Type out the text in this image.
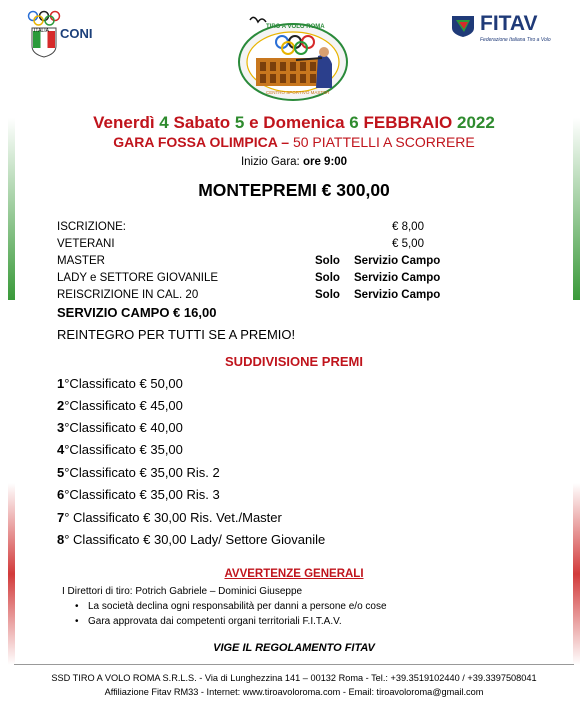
ITALIA CONI	TIRO A VOLO ROMA
CENTRO SPORTIVO MASTER
FITAV
Federazione Italiana Tiro a Volo
Venerdì 4 Sabato 5 e Domenica 6 FEBBRAIO 2022
GARA FOSSA OLIMPICA – 50 PIATTELLI A SCORRERE
Inizio Gara: ore 9:00
MONTEPREMI € 300,00
ISCRIZIONE:	€ 8,00
VETERANI	€ 5,00
MASTER	Solo Servizio Campo
LADY e SETTORE GIOVANILE	Solo Servizio Campo
REISCRIZIONE IN CAL. 20	Solo Servizio Campo
SERVIZIO CAMPO € 16,00
REINTEGRO PER TUTTI SE A PREMIO!
SUDDIVISIONE PREMI
1°Classificato € 50,00
2°Classificato € 45,00
3°Classificato € 40,00
4°Classificato € 35,00
5°Classificato € 35,00 Ris. 2
6°Classificato € 35,00 Ris. 3
7° Classificato € 30,00 Ris. Vet./Master
8° Classificato € 30,00 Lady/ Settore Giovanile
AVVERTENZE GENERALI
I Direttori di tiro: Potrich Gabriele – Dominici Giuseppe
• La società declina ogni responsabilità per danni a persone e/o cose
• Gara approvata dai competenti organi territoriali F.I.T.A.V.
VIGE IL REGOLAMENTO FITAV
SSD TIRO A VOLO ROMA S.R.L.S. - Via di Lunghezzina 141 – 00132 Roma - Tel.: +39.3519102440 / +39.3397508041
Affiliazione Fitav RM33 - Internet: www.tiroavoloroma.com - Email: tiroavoloroma@gmail.com
